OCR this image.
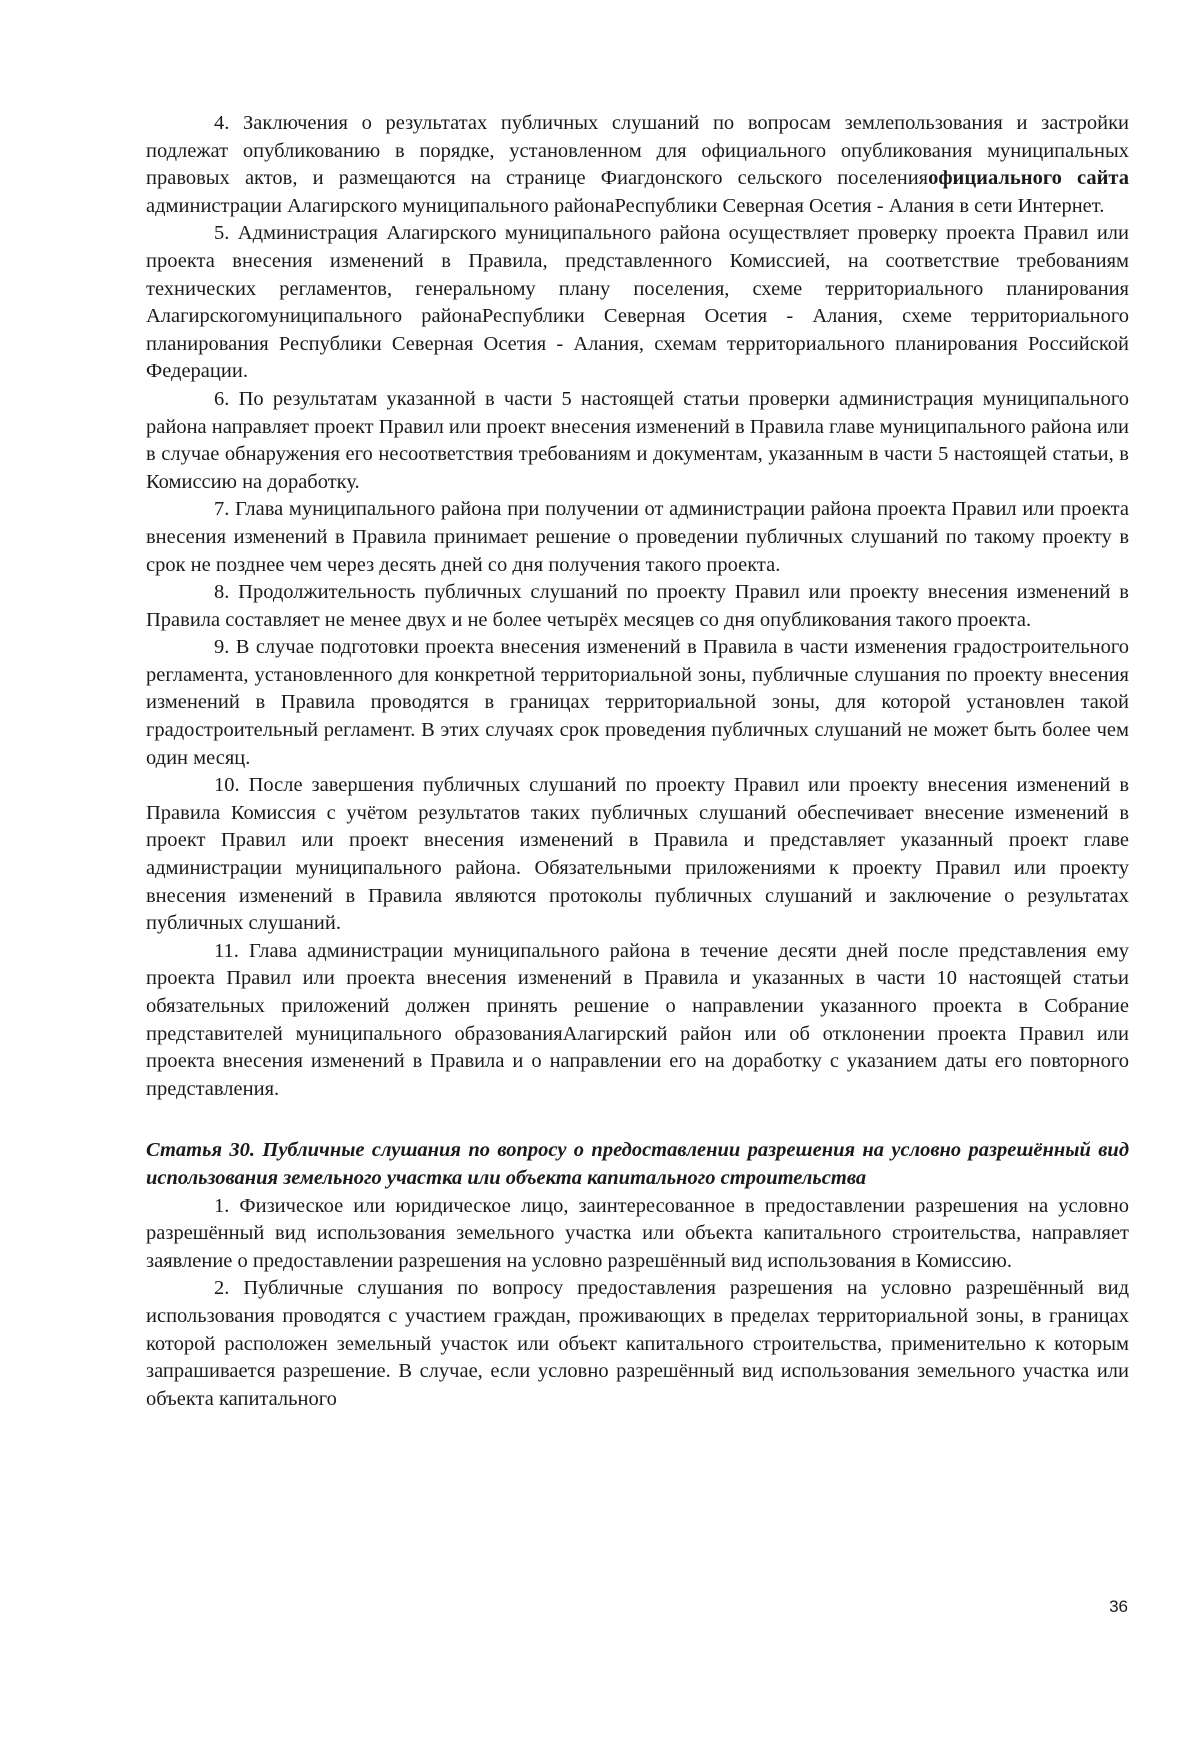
4. Заключения о результатах публичных слушаний по вопросам землепользования и застройки подлежат опубликованию в порядке, установленном для официального опубликования муниципальных правовых актов, и размещаются на странице Фиагдонского сельского поселенияофициального сайта администрации Алагирского муниципального районаРеспублики Северная Осетия - Алания в сети Интернет.

5. Администрация Алагирского муниципального района осуществляет проверку проекта Правил или проекта внесения изменений в Правила, представленного Комиссией, на соответствие требованиям технических регламентов, генеральному плану поселения, схеме территориального планирования Алагирскогомуниципального районаРеспублики Северная Осетия - Алания, схеме территориального планирования Республики Северная Осетия - Алания, схемам территориального планирования Российской Федерации.

6. По результатам указанной в части 5 настоящей статьи проверки администрация муниципального района направляет проект Правил или проект внесения изменений в Правила главе муниципального района или в случае обнаружения его несоответствия требованиям и документам, указанным в части 5 настоящей статьи, в Комиссию на доработку.

7. Глава муниципального района при получении от администрации района проекта Правил или проекта внесения изменений в Правила принимает решение о проведении публичных слушаний по такому проекту в срок не позднее чем через десять дней со дня получения такого проекта.

8. Продолжительность публичных слушаний по проекту Правил или проекту внесения изменений в Правила составляет не менее двух и не более четырёх месяцев со дня опубликования такого проекта.

9. В случае подготовки проекта внесения изменений в Правила в части изменения градостроительного регламента, установленного для конкретной территориальной зоны, публичные слушания по проекту внесения изменений в Правила проводятся в границах территориальной зоны, для которой установлен такой градостроительный регламент. В этих случаях срок проведения публичных слушаний не может быть более чем один месяц.

10. После завершения публичных слушаний по проекту Правил или проекту внесения изменений в Правила Комиссия с учётом результатов таких публичных слушаний обеспечивает внесение изменений в проект Правил или проект внесения изменений в Правила и представляет указанный проект главе администрации муниципального района. Обязательными приложениями к проекту Правил или проекту внесения изменений в Правила являются протоколы публичных слушаний и заключение о результатах публичных слушаний.

11. Глава администрации муниципального района в течение десяти дней после представления ему проекта Правил или проекта внесения изменений в Правила и указанных в части 10 настоящей статьи обязательных приложений должен принять решение о направлении указанного проекта в Собрание представителей муниципального образованияАлагирский район или об отклонении проекта Правил или проекта внесения изменений в Правила и о направлении его на доработку с указанием даты его повторного представления.

Статья 30. Публичные слушания по вопросу о предоставлении разрешения на условно разрешённый вид использования земельного участка или объекта капитального строительства

1. Физическое или юридическое лицо, заинтересованное в предоставлении разрешения на условно разрешённый вид использования земельного участка или объекта капитального строительства, направляет заявление о предоставлении разрешения на условно разрешённый вид использования в Комиссию.

2. Публичные слушания по вопросу предоставления разрешения на условно разрешённый вид использования проводятся с участием граждан, проживающих в пределах территориальной зоны, в границах которой расположен земельный участок или объект капитального строительства, применительно к которым запрашивается разрешение. В случае, если условно разрешённый вид использования земельного участка или объекта капитального

36
